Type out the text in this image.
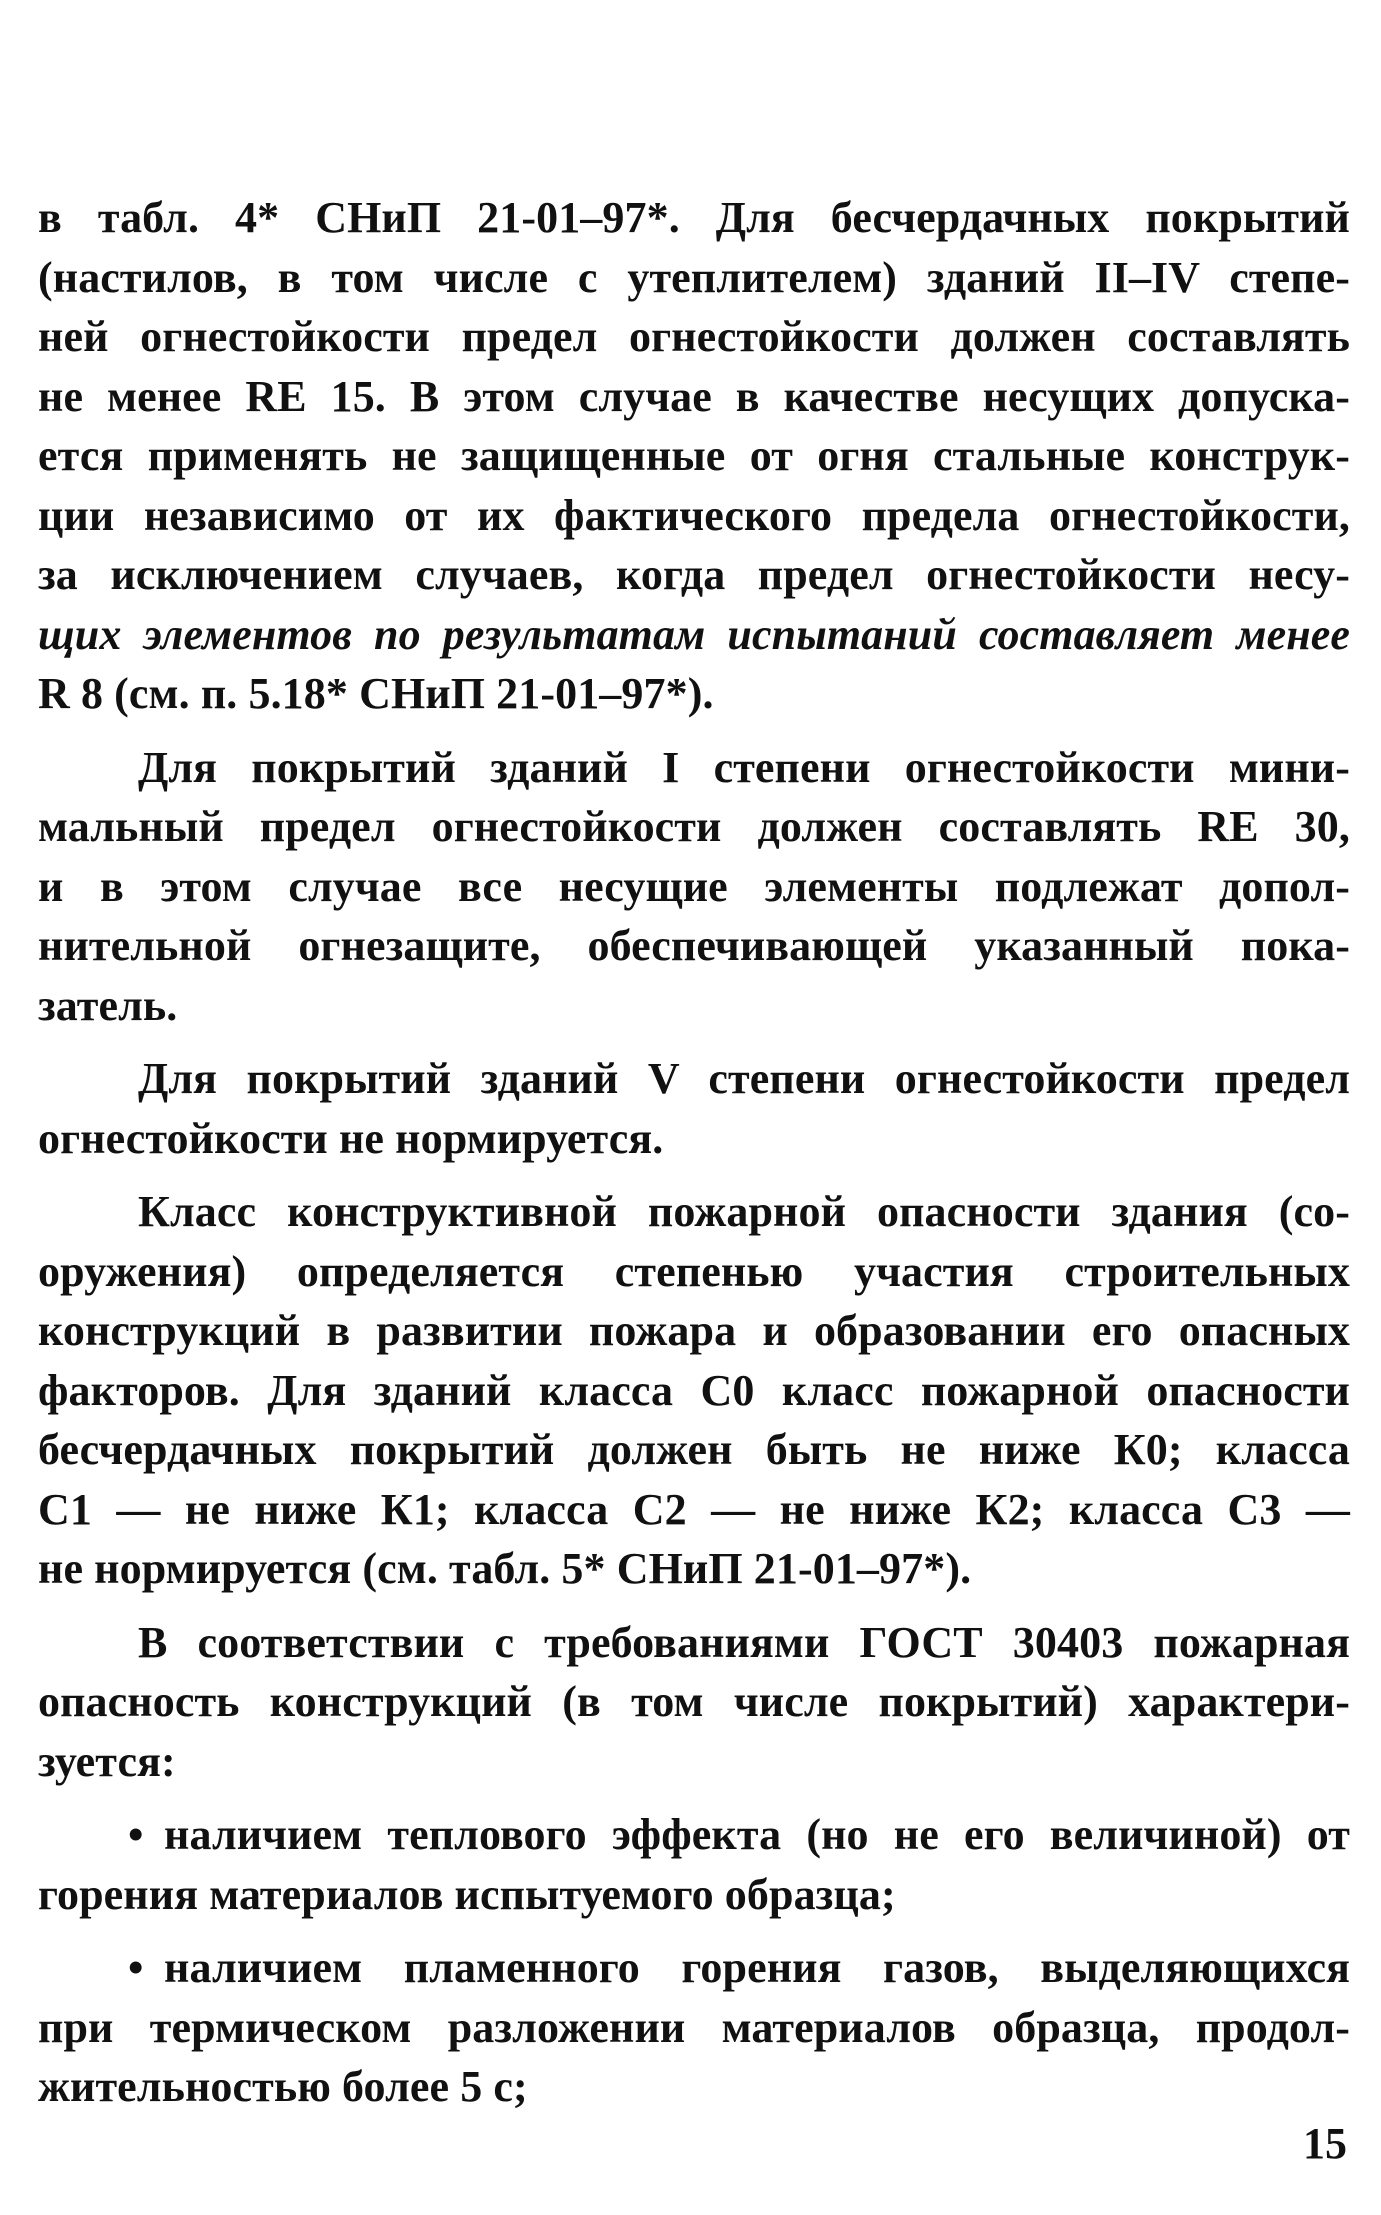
в табл. 4* СНиП 21-01–97*. Для бесчердачных покрытий
(настилов, в том числе с утеплителем) зданий II–IV степе-
ней огнестойкости предел огнестойкости должен составлять
не менее RE 15. В этом случае в качестве несущих допуска-
ется применять не защищенные от огня стальные конструк-
ции независимо от их фактического предела огнестойкости,
за исключением случаев, когда предел огнестойкости несу-
щих элементов по результатам испытаний составляет менее
R 8 (см. п. 5.18* СНиП 21-01–97*).

Для покрытий зданий I степени огнестойкости мини-
мальный предел огнестойкости должен составлять RE 30,
и в этом случае все несущие элементы подлежат допол-
нительной огнезащите, обеспечивающей указанный пока-
затель.

Для покрытий зданий V степени огнестойкости предел
огнестойкости не нормируется.

Класс конструктивной пожарной опасности здания (со-
оружения) определяется степенью участия строительных
конструкций в развитии пожара и образовании его опасных
факторов. Для зданий класса С0 класс пожарной опасности
бесчердачных покрытий должен быть не ниже К0; класса
С1 — не ниже К1; класса С2 — не ниже К2; класса С3 —
не нормируется (см. табл. 5* СНиП 21-01–97*).

В соответствии с требованиями ГОСТ 30403 пожарная
опасность конструкций (в том числе покрытий) характери-
зуется:

• наличием теплового эффекта (но не его величиной) от
горения материалов испытуемого образца;

• наличием пламенного горения газов, выделяющихся
при термическом разложении материалов образца, продол-
жительностью более 5 с;

15
